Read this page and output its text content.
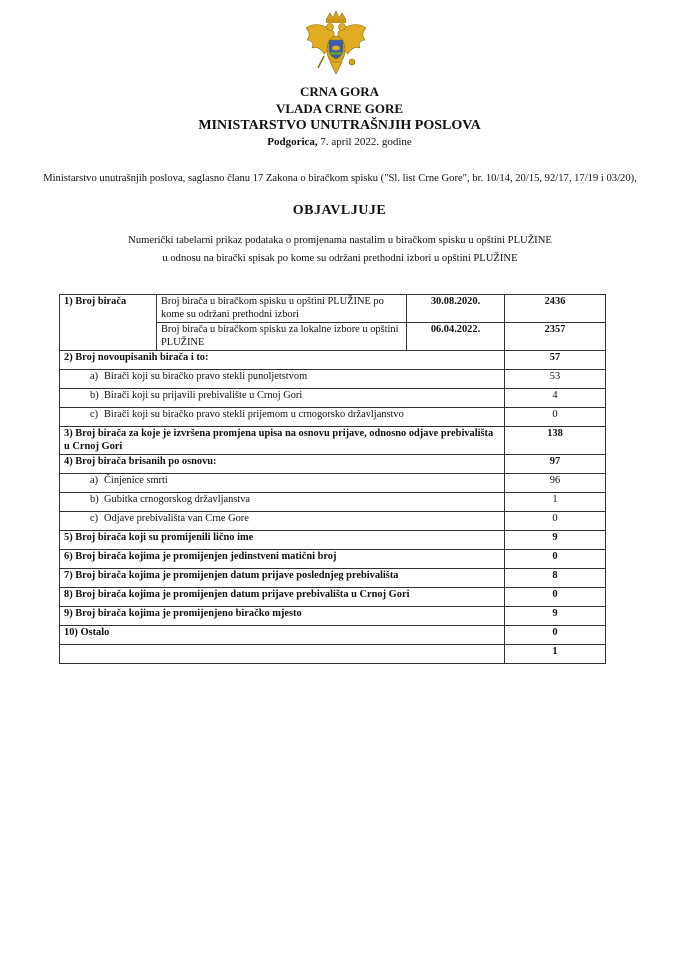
CRNA GORA
VLADA CRNE GORE
MINISTARSTVO UNUTRAŠNJIH POSLOVA
Podgorica, 7. april 2022. godine
Ministarstvo unutrašnjih poslova, saglasno članu 17 Zakona o biračkom spisku ("Sl. list Crne Gore", br. 10/14, 20/15, 92/17, 17/19 i 03/20),
OBJAVLJUJE
Numerički tabelarni prikaz podataka o promjenama nastalim u biračkom spisku u opštini PLUŽINE
u odnosu na birački spisak po kome su održani prethodni izbori u opštini PLUŽINE
1) Broj birača	Broj birača u biračkom spisku u opštini PLUŽINE po kome su održani prethodni izbori	30.08.2020.	2436
	Broj birača u biračkom spisku za lokalne izbore u opštini PLUŽINE	06.04.2022.	2357
2) Broj novoupisanih birača i to:			57
a) Birači koji su biračko pravo stekli punoljetstvom			53
b) Birači koji su prijavili prebivalište u Crnoj Gori			4
c) Birači koji su biračko pravo stekli prijemom u crnogorsko državljanstvo			0
3) Broj birača za koje je izvršena promjena upisa na osnovu prijave, odnosno odjave prebivališta u Crnoj Gori			138
4) Broj birača brisanih po osnovu:			97
a) Činjenice smrti			96
b) Gubitka crnogorskog državljanstva			1
c) Odjave prebivališta van Crne Gore			0
5) Broj birača koji su promijenili lično ime			9
6) Broj birača kojima je promijenjen jedinstveni matični broj			0
7) Broj birača kojima je promijenjen datum prijave poslednjeg prebivališta			8
8) Broj birača kojima je promijenjen datum prijave prebivališta u Crnoj Gori			0
9) Broj birača kojima je promijenjeno biračko mjesto			9
10) Ostalo			0
			1
